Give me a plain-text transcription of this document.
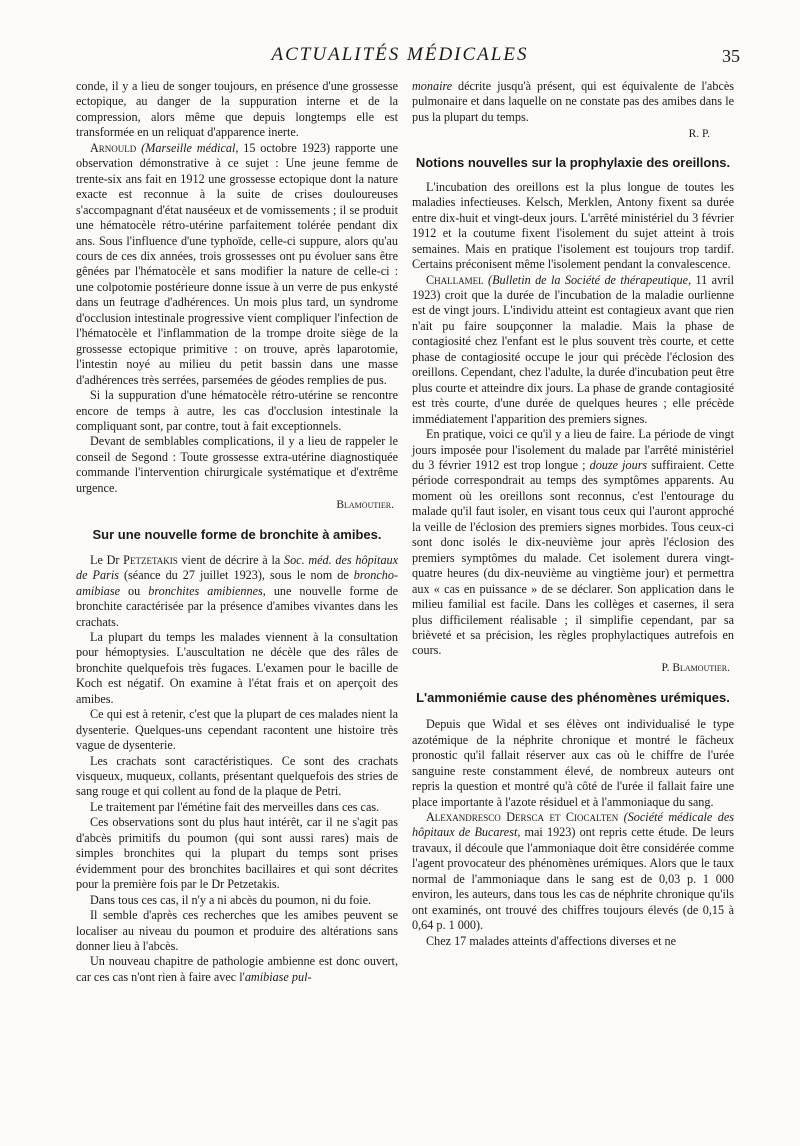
ACTUALITÉS MÉDICALES	35

conde, il y a lieu de songer toujours, en présence d'une grossesse ectopique, au danger de la suppuration interne et de la compression, alors même que depuis longtemps elle est transformée en un reliquat d'apparence inerte.

Arnould (Marseille médical, 15 octobre 1923) rapporte une observation démonstrative à ce sujet : Une jeune femme de trente-six ans fait en 1912 une grossesse ectopique dont la nature exacte est reconnue à la suite de crises douloureuses s'accompagnant d'état nauséeux et de vomissements ; il se produit une hématocèle rétro-utérine parfaitement tolérée pendant dix ans. Sous l'influence d'une typhoïde, celle-ci suppure, alors qu'au cours de ces dix années, trois grossesses ont pu évoluer sans être gênées par l'hématocèle et sans modifier la nature de celle-ci : une colpotomie postérieure donne issue à un verre de pus enkysté dans un feutrage d'adhérences. Un mois plus tard, un syndrome d'occlusion intestinale progressive vient compliquer l'infection de l'hématocèle et l'inflammation de la trompe droite siège de la grossesse ectopique primitive : on trouve, après laparotomie, l'intestin noyé au milieu du petit bassin dans une masse d'adhérences très serrées, parsemées de géodes remplies de pus.

Si la suppuration d'une hématocèle rétro-utérine se rencontre encore de temps à autre, les cas d'occlusion intestinale la compliquant sont, par contre, tout à fait exceptionnels.

Devant de semblables complications, il y a lieu de rappeler le conseil de Segond : Toute grossesse extra-utérine diagnostiquée commande l'intervention chirurgicale systématique et d'extrême urgence.

Blamoutier.
Sur une nouvelle forme de bronchite à amibes.

Le Dr Petzetakis vient de décrire à la Soc. méd. des hôpitaux de Paris (séance du 27 juillet 1923), sous le nom de broncho-amibiase ou bronchites amibiennes, une nouvelle forme de bronchite caractérisée par la présence d'amibes vivantes dans les crachats.

La plupart du temps les malades viennent à la consultation pour hémoptysies. L'auscultation ne décèle que des râles de bronchite quelquefois très fugaces. L'examen pour le bacille de Koch est négatif. On examine à l'état frais et on aperçoit des amibes.

Ce qui est à retenir, c'est que la plupart de ces malades nient la dysenterie. Quelques-uns cependant racontent une histoire très vague de dysenterie.

Les crachats sont caractéristiques. Ce sont des crachats visqueux, muqueux, collants, présentant quelquefois des stries de sang rouge et qui collent au fond de la plaque de Petri.

Le traitement par l'émétine fait des merveilles dans ces cas.

Ces observations sont du plus haut intérêt, car il ne s'agit pas d'abcès primitifs du poumon (qui sont aussi rares) mais de simples bronchites qui la plupart du temps sont prises évidemment pour des bronchites bacillaires et qui sont décrites pour la première fois par le Dr Petzetakis.

Dans tous ces cas, il n'y a ni abcès du poumon, ni du foie.

Il semble d'après ces recherches que les amibes peuvent se localiser au niveau du poumon et produire des altérations sans donner lieu à l'abcès.

Un nouveau chapitre de pathologie ambienne est donc ouvert, car ces cas n'ont rien à faire avec l'amibiase pul-

monaire décrite jusqu'à présent, qui est équivalente de l'abcès pulmonaire et dans laquelle on ne constate pas des amibes dans le pus la plupart du temps.

R. P.
Notions nouvelles sur la prophylaxie des oreillons.

L'incubation des oreillons est la plus longue de toutes les maladies infectieuses. Kelsch, Merklen, Antony fixent sa durée entre dix-huit et vingt-deux jours. L'arrêté ministériel du 3 février 1912 et la coutume fixent l'isolement du sujet atteint à trois semaines. Mais en pratique l'isolement est toujours trop tardif. Certains préconisent même l'isolement pendant la convalescence.

Challamel (Bulletin de la Société de thérapeutique, 11 avril 1923) croit que la durée de l'incubation de la maladie ourlienne est de vingt jours. L'individu atteint est contagieux avant que rien n'ait pu faire soupçonner la maladie. Mais la phase de contagiosité chez l'enfant est le plus souvent très courte, et cette phase de contagiosité occupe le jour qui précède l'éclosion des oreillons. Cependant, chez l'adulte, la durée d'incubation peut être plus courte et atteindre dix jours. La phase de grande contagiosité est très courte, d'une durée de quelques heures ; elle précède immédiatement l'apparition des premiers signes.

En pratique, voici ce qu'il y a lieu de faire. La période de vingt jours imposée pour l'isolement du malade par l'arrêté ministériel du 3 février 1912 est trop longue ; douze jours suffiraient. Cette période correspondrait au temps des symptômes apparents. Au moment où les oreillons sont reconnus, c'est l'entourage du malade qu'il faut isoler, en visant tous ceux qui l'auront approché la veille de l'éclosion des premiers signes morbides. Tous ceux-ci sont donc isolés le dix-neuvième jour après l'éclosion des premiers symptômes du malade. Cet isolement durera vingt-quatre heures (du dix-neuvième au vingtième jour) et permettra aux « cas en puissance » de se déclarer. Son application dans le milieu familial est facile. Dans les collèges et casernes, il sera plus difficilement réalisable ; il simplifie cependant, par sa brièveté et sa précision, les règles prophylactiques autrefois en cours.

P. Blamoutier.
L'ammoniémie cause des phénomènes urémiques.

Depuis que Widal et ses élèves ont individualisé le type azotémique de la néphrite chronique et montré le fâcheux pronostic qu'il fallait réserver aux cas où le chiffre de l'urée sanguine reste constamment élevé, de nombreux auteurs ont repris la question et montré qu'à côté de l'urée il fallait faire une place importante à l'azote résiduel et à l'ammoniaque du sang.

Alexandresco Dersca et Ciocalten (Société médicale des hôpitaux de Bucarest, mai 1923) ont repris cette étude. De leurs travaux, il découle que l'ammoniaque doit être considérée comme l'agent provocateur des phénomènes urémiques. Alors que le taux normal de l'ammoniaque dans le sang est de 0,03 p. 1 000 environ, les auteurs, dans tous les cas de néphrite chronique qu'ils ont examinés, ont trouvé des chiffres toujours élevés (de 0,15 à 0,64 p. 1 000).

Chez 17 malades atteints d'affections diverses et ne
